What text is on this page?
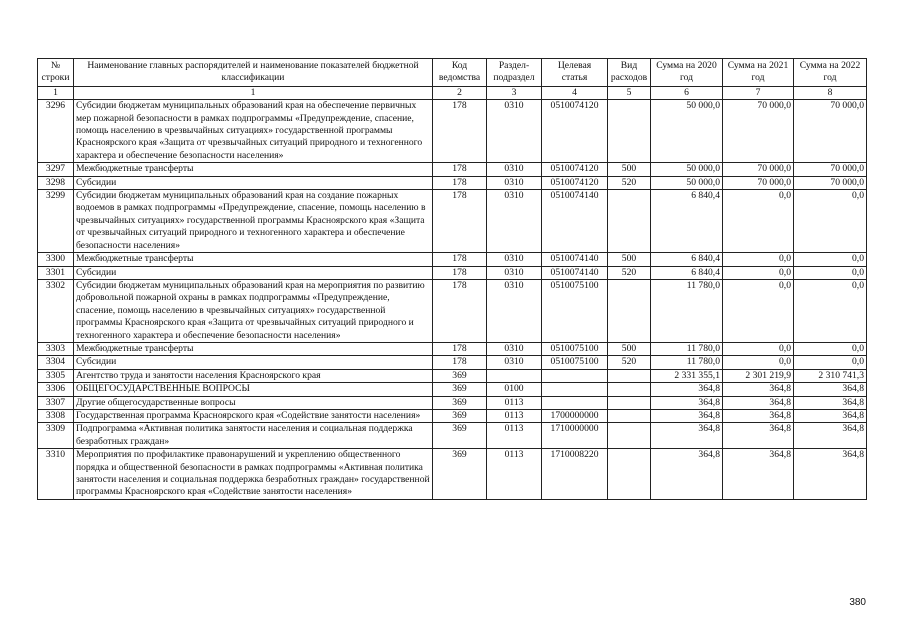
№ строки	Наименование главных распорядителей и наименование показателей бюджетной классификации	Код ведомства	Раздел-подраздел	Целевая статья	Вид расходов	Сумма на 2020 год	Сумма на 2021 год	Сумма на 2022 год
1	1	2	3	4	5	6	7	8
3296	Субсидии бюджетам муниципальных образований края на обеспечение первичных мер пожарной безопасности в рамках подпрограммы «Предупреждение, спасение, помощь населению в чрезвычайных ситуациях» государственной программы Красноярского края «Защита от чрезвычайных ситуаций природного и техногенного характера и обеспечение безопасности населения»	178	0310	0510074120		50 000,0	70 000,0	70 000,0
3297	Межбюджетные трансферты	178	0310	0510074120	500	50 000,0	70 000,0	70 000,0
3298	Субсидии	178	0310	0510074120	520	50 000,0	70 000,0	70 000,0
3299	Субсидии бюджетам муниципальных образований края на создание пожарных водоемов в рамках подпрограммы «Предупреждение, спасение, помощь населению в чрезвычайных ситуациях» государственной программы Красноярского края «Защита от чрезвычайных ситуаций природного и техногенного характера и обеспечение безопасности населения»	178	0310	0510074140		6 840,4	0,0	0,0
3300	Межбюджетные трансферты	178	0310	0510074140	500	6 840,4	0,0	0,0
3301	Субсидии	178	0310	0510074140	520	6 840,4	0,0	0,0
3302	Субсидии бюджетам муниципальных образований края на мероприятия по развитию добровольной пожарной охраны в рамках подпрограммы «Предупреждение, спасение, помощь населению в чрезвычайных ситуациях» государственной программы Красноярского края «Защита от чрезвычайных ситуаций природного и техногенного характера и обеспечение безопасности населения»	178	0310	0510075100		11 780,0	0,0	0,0
3303	Межбюджетные трансферты	178	0310	0510075100	500	11 780,0	0,0	0,0
3304	Субсидии	178	0310	0510075100	520	11 780,0	0,0	0,0
3305	Агентство труда и занятости населения Красноярского края	369				2 331 355,1	2 301 219,9	2 310 741,3
3306	ОБЩЕГОСУДАРСТВЕННЫЕ ВОПРОСЫ	369	0100			364,8	364,8	364,8
3307	Другие общегосударственные вопросы	369	0113			364,8	364,8	364,8
3308	Государственная программа Красноярского края «Содействие занятости населения»	369	0113	1700000000		364,8	364,8	364,8
3309	Подпрограмма «Активная политика занятости населения и социальная поддержка безработных граждан»	369	0113	1710000000		364,8	364,8	364,8
3310	Мероприятия по профилактике правонарушений и укреплению общественного порядка и общественной безопасности в рамках подпрограммы «Активная политика занятости населения и социальная поддержка безработных граждан» государственной программы Красноярского края «Содействие занятости населения»	369	0113	1710008220		364,8	364,8	364,8
380
